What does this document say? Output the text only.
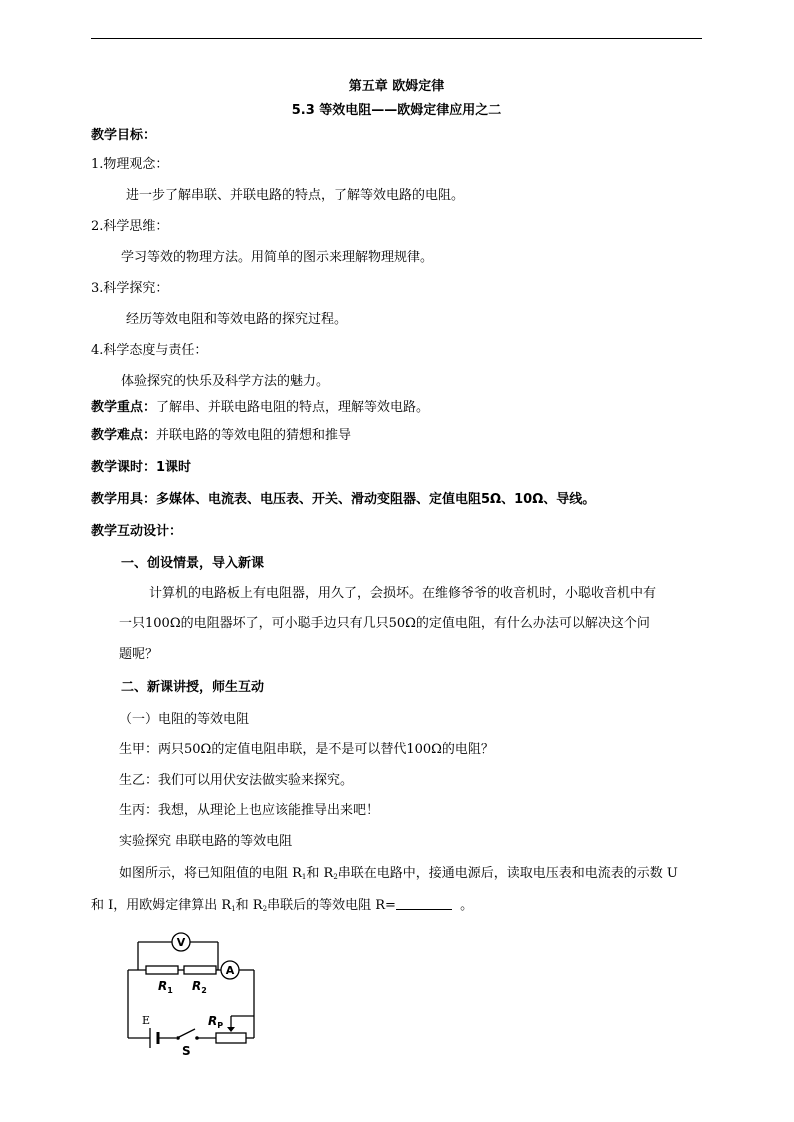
第五章 欧姆定律
5.3 等效电阻——欧姆定律应用之二
教学目标：
1.物理观念：
进一步了解串联、并联电路的特点，了解等效电路的电阻。
2.科学思维：
学习等效的物理方法。用简单的图示来理解物理规律。
3.科学探究：
经历等效电阻和等效电路的探究过程。
4.科学态度与责任：
体验探究的快乐及科学方法的魅力。
教学重点：了解串、并联电路电阻的特点，理解等效电路。
教学难点：并联电路的等效电阻的猜想和推导
教学课时：1课时
教学用具：多媒体、电流表、电压表、开关、滑动变阻器、定值电阻5Ω、10Ω、导线。
教学互动设计：
一、创设情景，导入新课
计算机的电路板上有电阻器，用久了，会损坏。在维修爷爷的收音机时，小聪收音机中有
一只100Ω的电阻器坏了，可小聪手边只有几只50Ω的定值电阻，有什么办法可以解决这个问
题呢？
二、新课讲授，师生互动
（一）电阻的等效电阻
生甲：两只50Ω的定值电阻串联，是不是可以替代100Ω的电阻？
生乙：我们可以用伏安法做实验来探究。
生丙：我想，从理论上也应该能推导出来吧！
实验探究 串联电路的等效电阻
如图所示，将已知阻值的电阻 $R_1$和 $R_2$串联在电路中，接通电源后，读取电压表和电流表的示数 U
和 I，用欧姆定律算出 $R_1$和 $R_2$串联后的等效电阻 R=	。
V
A
$R_1$ $R_2$
E	$R_P$
S
